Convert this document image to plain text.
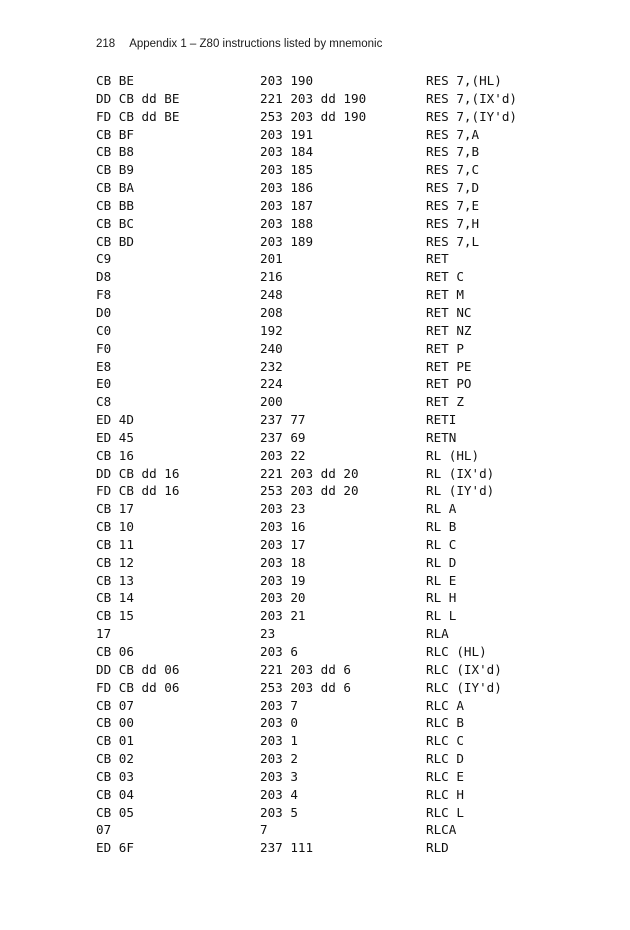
218 Appendix 1 – Z80 instructions listed by mnemonic
CB BE	203 190	RES 7,(HL)
DD CB dd BE	221 203 dd 190	RES 7,(IX'd)
FD CB dd BE	253 203 dd 190	RES 7,(IY'd)
CB BF	203 191	RES 7,A
CB B8	203 184	RES 7,B
CB B9	203 185	RES 7,C
CB BA	203 186	RES 7,D
CB BB	203 187	RES 7,E
CB BC	203 188	RES 7,H
CB BD	203 189	RES 7,L
C9	201	RET
D8	216	RET C
F8	248	RET M
D0	208	RET NC
C0	192	RET NZ
F0	240	RET P
E8	232	RET PE
E0	224	RET PO
C8	200	RET Z
ED 4D	237 77	RETI
ED 45	237 69	RETN
CB 16	203 22	RL (HL)
DD CB dd 16	221 203 dd 20	RL (IX'd)
FD CB dd 16	253 203 dd 20	RL (IY'd)
CB 17	203 23	RL A
CB 10	203 16	RL B
CB 11	203 17	RL C
CB 12	203 18	RL D
CB 13	203 19	RL E
CB 14	203 20	RL H
CB 15	203 21	RL L
17	23	RLA
CB 06	203 6	RLC (HL)
DD CB dd 06	221 203 dd 6	RLC (IX'd)
FD CB dd 06	253 203 dd 6	RLC (IY'd)
CB 07	203 7	RLC A
CB 00	203 0	RLC B
CB 01	203 1	RLC C
CB 02	203 2	RLC D
CB 03	203 3	RLC E
CB 04	203 4	RLC H
CB 05	203 5	RLC L
07	7	RLCA
ED 6F	237 111	RLD
